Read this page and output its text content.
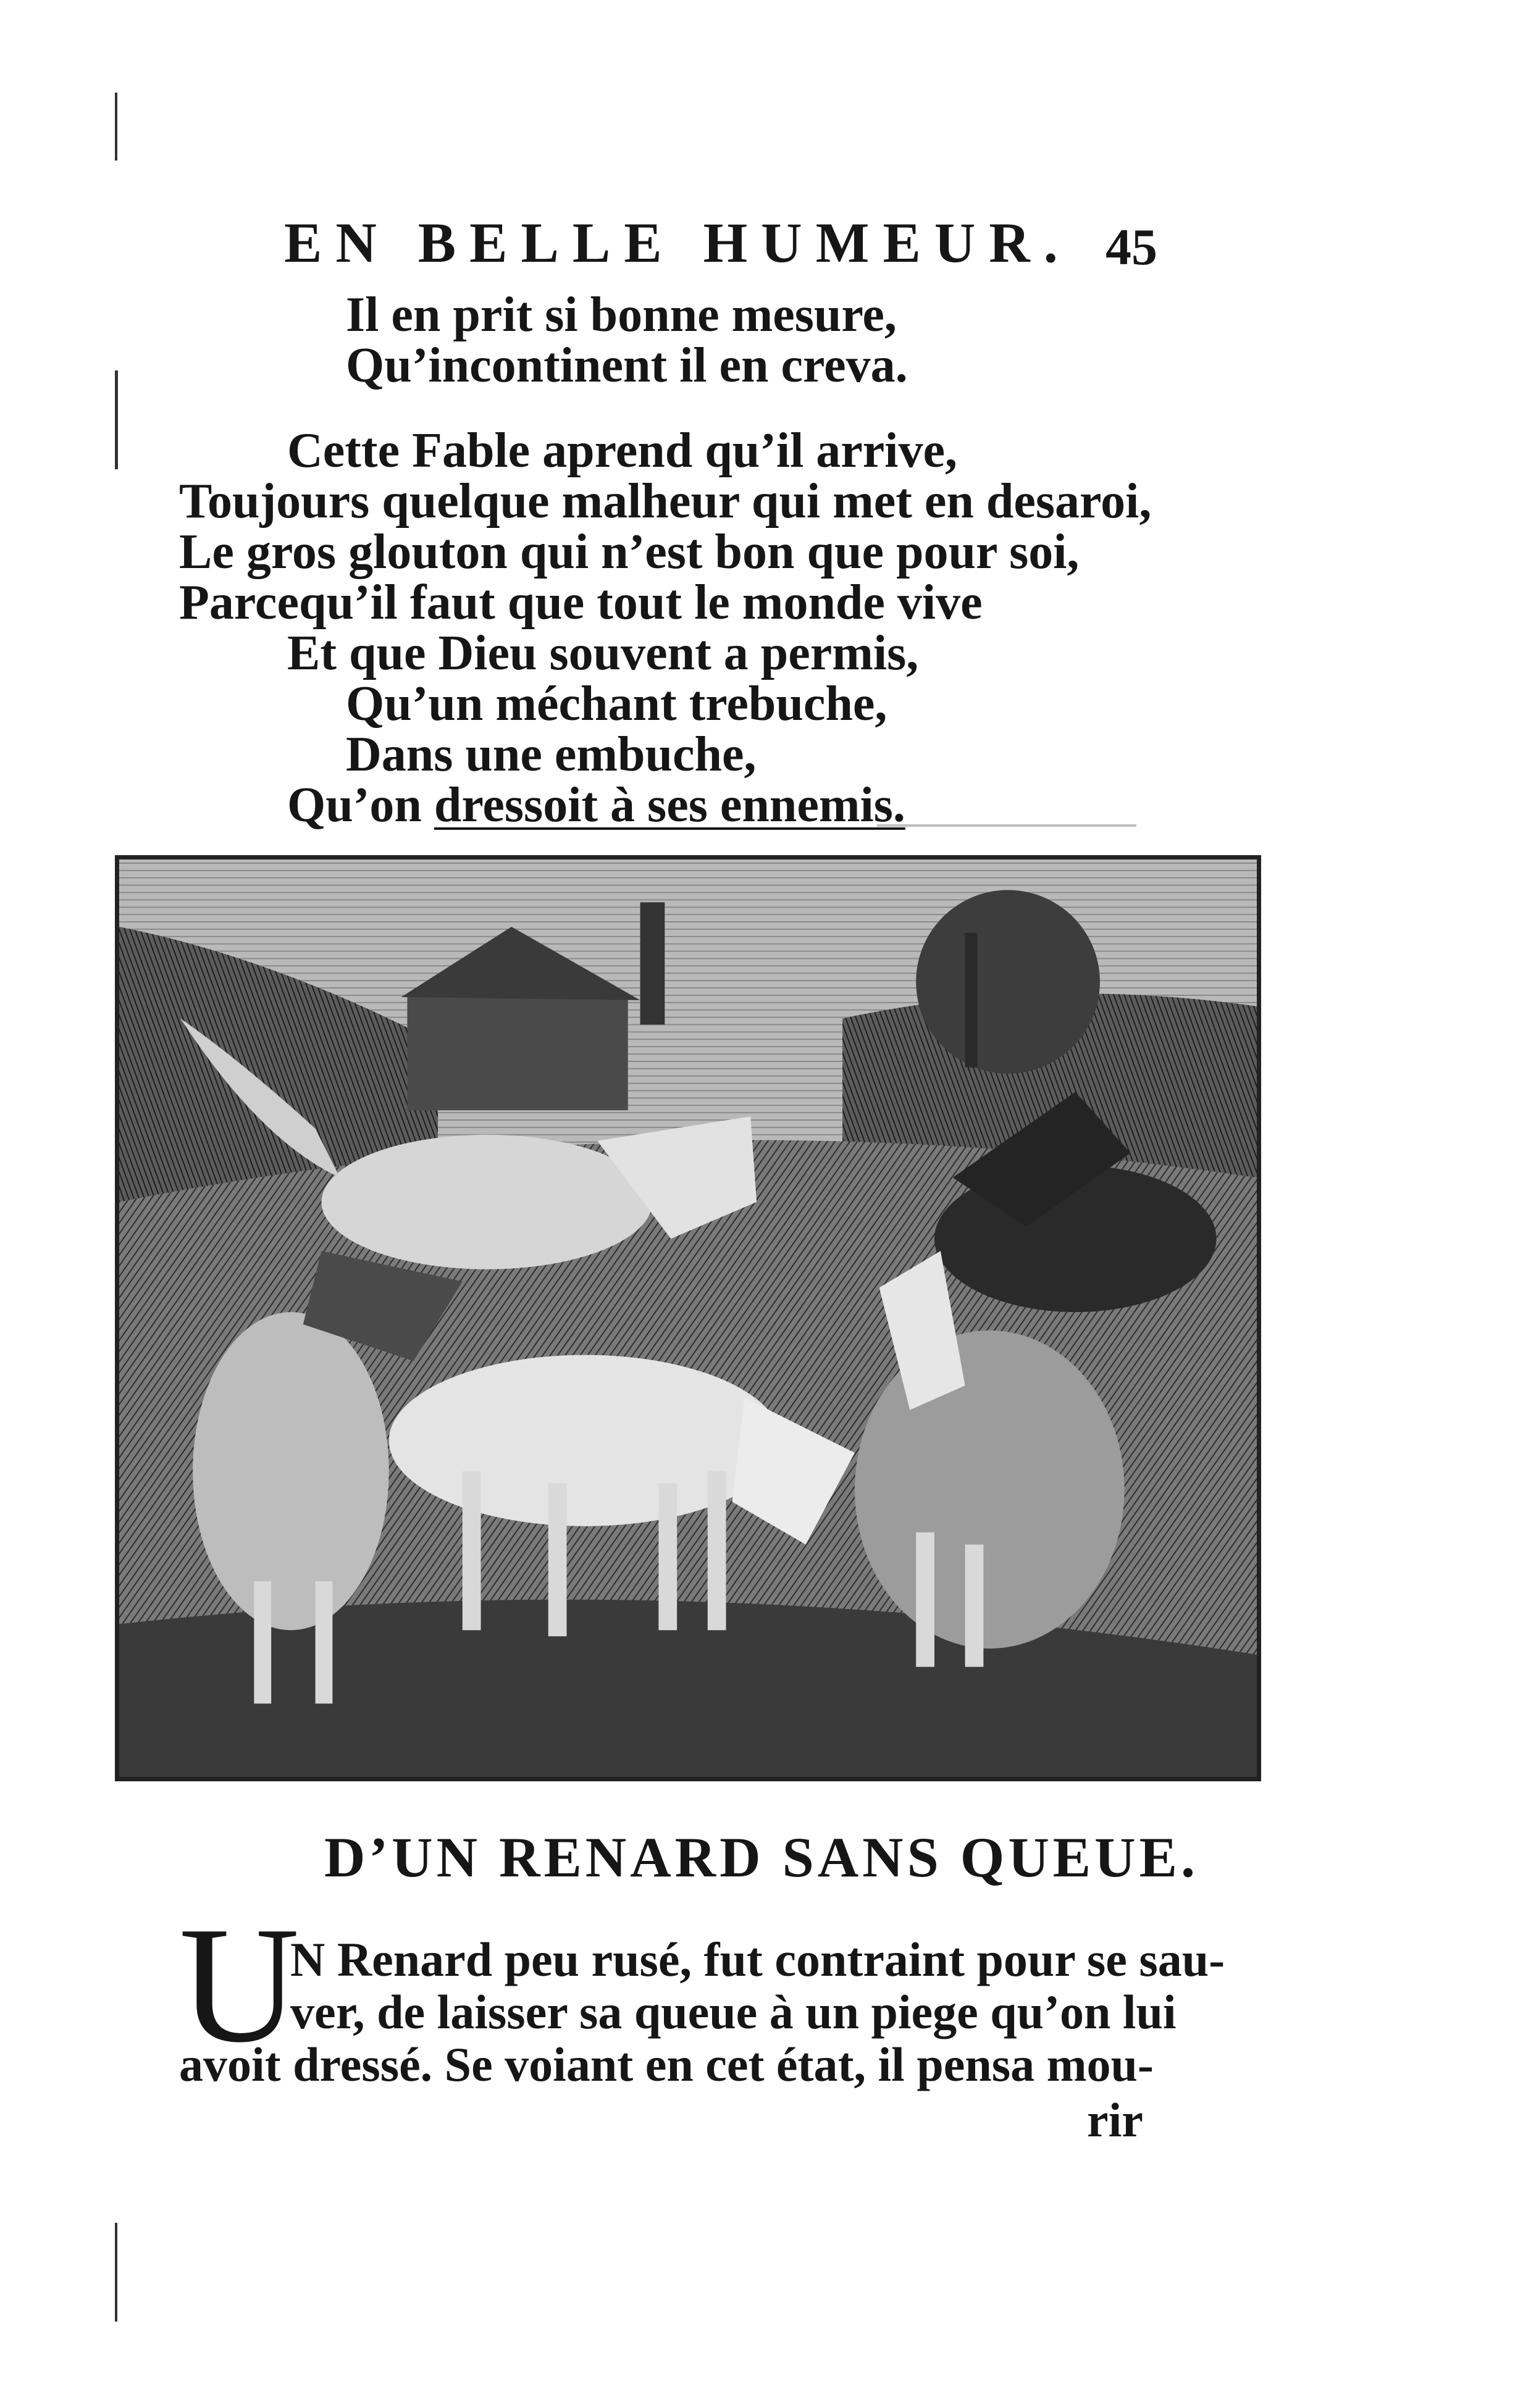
EN BELLE HUMEUR. 45
Il en prit si bonne mesure,
Qu’incontinent il en creva.
Cette Fable aprend qu’il arrive,
Toujours quelque malheur qui met en desaroi,
Le gros glouton qui n’est bon que pour soi,
Parcequ’il faut que tout le monde vive
Et que Dieu souvent a permis,
Qu’un méchant trebuche,
Dans une embuche,
Qu’on dressoit à ses ennemis.
D’UN RENARD SANS QUEUE.
U
N Renard peu rusé, fut contraint pour se sau-
ver, de laisser sa queue à un piege qu’on lui
avoit dressé. Se voiant en cet état, il pensa mou-
rir
